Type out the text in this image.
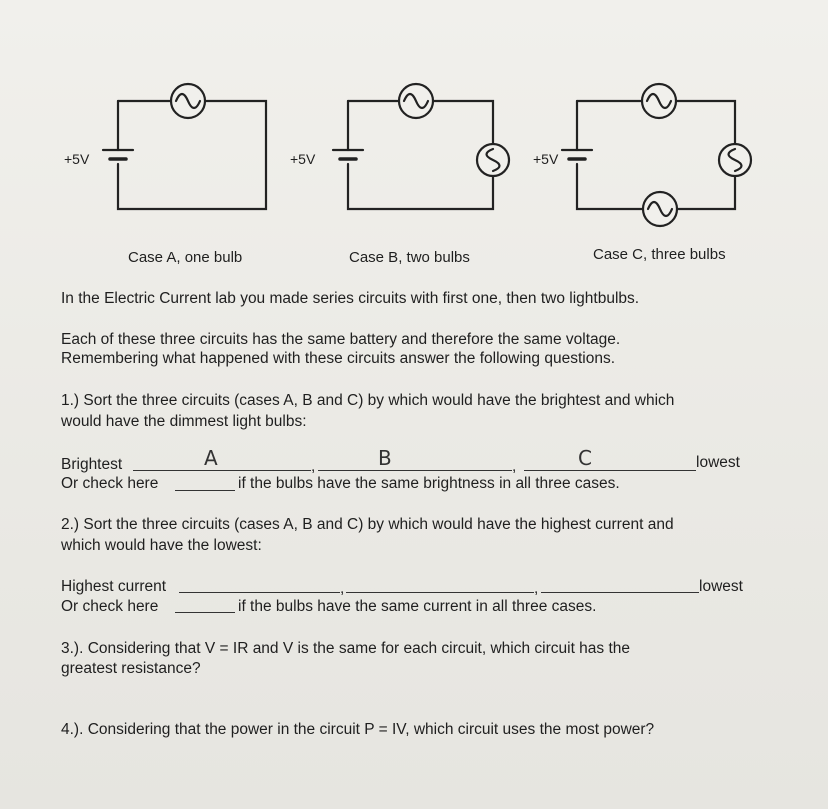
+5V	+5V	+5V
Case A, one bulb	Case B, two bulbs	Case C, three bulbs
In the Electric Current lab you made series circuits with first one, then two lightbulbs.
Each of these three circuits has the same battery and therefore the same voltage.
Remembering what happened with these circuits answer the following questions.
1.) Sort the three circuits (cases A, B and C) by which would have the brightest and which
would have the dimmest light bulbs:
Brightest	A	,	B	,	C	lowest
Or check here	if the bulbs have the same brightness in all three cases.
2.) Sort the three circuits (cases A, B and C) by which would have the highest current and
which would have the lowest:
Highest current	,	,	lowest
Or check here	if the bulbs have the same current in all three cases.
3.). Considering that V = IR and V is the same for each circuit, which circuit has the
greatest resistance?
4.). Considering that the power in the circuit P = IV, which circuit uses the most power?
